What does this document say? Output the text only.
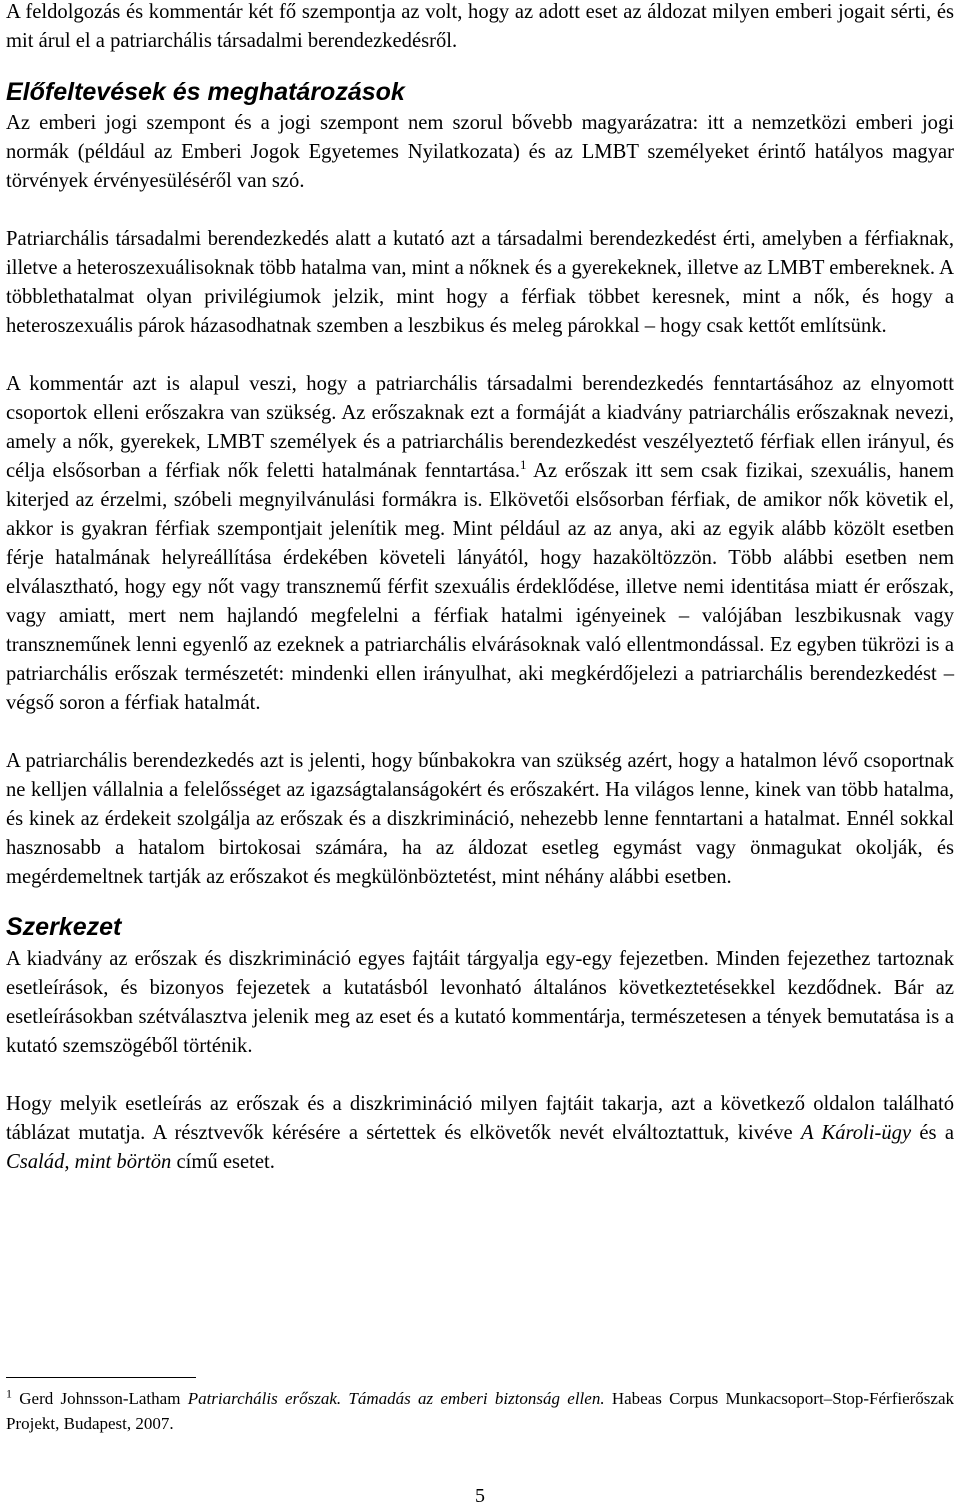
A feldolgozás és kommentár két fő szempontja az volt, hogy az adott eset az áldozat milyen emberi jogait sérti, és mit árul el a patriarchális társadalmi berendezkedésről.

Előfeltevések és meghatározások

Az emberi jogi szempont és a jogi szempont nem szorul bővebb magyarázatra: itt a nemzetközi emberi jogi normák (például az Emberi Jogok Egyetemes Nyilatkozata) és az LMBT személyeket érintő hatályos magyar törvények érvényesüléséről van szó.

Patriarchális társadalmi berendezkedés alatt a kutató azt a társadalmi berendezkedést érti, amelyben a férfiaknak, illetve a heteroszexuálisoknak több hatalma van, mint a nőknek és a gyerekeknek, illetve az LMBT embereknek. A többlethatalmat olyan privilégiumok jelzik, mint hogy a férfiak többet keresnek, mint a nők, és hogy a heteroszexuális párok házasodhatnak szemben a leszbikus és meleg párokkal – hogy csak kettőt említsünk.

A kommentár azt is alapul veszi, hogy a patriarchális társadalmi berendezkedés fenntartásához az elnyomott csoportok elleni erőszakra van szükség. Az erőszaknak ezt a formáját a kiadvány patriarchális erőszaknak nevezi, amely a nők, gyerekek, LMBT személyek és a patriarchális berendezkedést veszélyeztető férfiak ellen irányul, és célja elsősorban a férfiak nők feletti hatalmának fenntartása.$^1$ Az erőszak itt sem csak fizikai, szexuális, hanem kiterjed az érzelmi, szóbeli megnyilvánulási formákra is. Elkövetői elsősorban férfiak, de amikor nők követik el, akkor is gyakran férfiak szempontjait jelenítik meg. Mint például az az anya, aki az egyik alább közölt esetben férje hatalmának helyreállítása érdekében követeli lányától, hogy hazaköltözzön. Több alábbi esetben nem elválasztható, hogy egy nőt vagy transznemű férfit szexuális érdeklődése, illetve nemi identitása miatt ér erőszak, vagy amiatt, mert nem hajlandó megfelelni a férfiak hatalmi igényeinek – valójában leszbikusnak vagy transzneműnek lenni egyenlő az ezeknek a patriarchális elvárásoknak való ellentmondással. Ez egyben tükrözi is a patriarchális erőszak természetét: mindenki ellen irányulhat, aki megkérdőjelezi a patriarchális berendezkedést – végső soron a férfiak hatalmát.

A patriarchális berendezkedés azt is jelenti, hogy bűnbakokra van szükség azért, hogy a hatalmon lévő csoportnak ne kelljen vállalnia a felelősséget az igazságtalanságokért és erőszakért. Ha világos lenne, kinek van több hatalma, és kinek az érdekeit szolgálja az erőszak és a diszkrimináció, nehezebb lenne fenntartani a hatalmat. Ennél sokkal hasznosabb a hatalom birtokosai számára, ha az áldozat esetleg egymást vagy önmagukat okolják, és megérdemeltnek tartják az erőszakot és megkülönböztetést, mint néhány alábbi esetben.

Szerkezet

A kiadvány az erőszak és diszkrimináció egyes fajtáit tárgyalja egy-egy fejezetben. Minden fejezethez tartoznak esetleírások, és bizonyos fejezetek a kutatásból levonható általános következtetésekkel kezdődnek. Bár az esetleírásokban szétválasztva jelenik meg az eset és a kutató kommentárja, természetesen a tények bemutatása is a kutató szemszögéből történik.

Hogy melyik esetleírás az erőszak és a diszkrimináció milyen fajtáit takarja, azt a következő oldalon található táblázat mutatja. A résztvevők kérésére a sértettek és elkövetők nevét elváltoztattuk, kivéve A Károli-ügy és a Család, mint börtön című esetet.

$^1$ Gerd Johnsson-Latham Patriarchális erőszak. Támadás az emberi biztonság ellen. Habeas Corpus Munkacsoport–Stop-Férfierőszak Projekt, Budapest, 2007.
5
